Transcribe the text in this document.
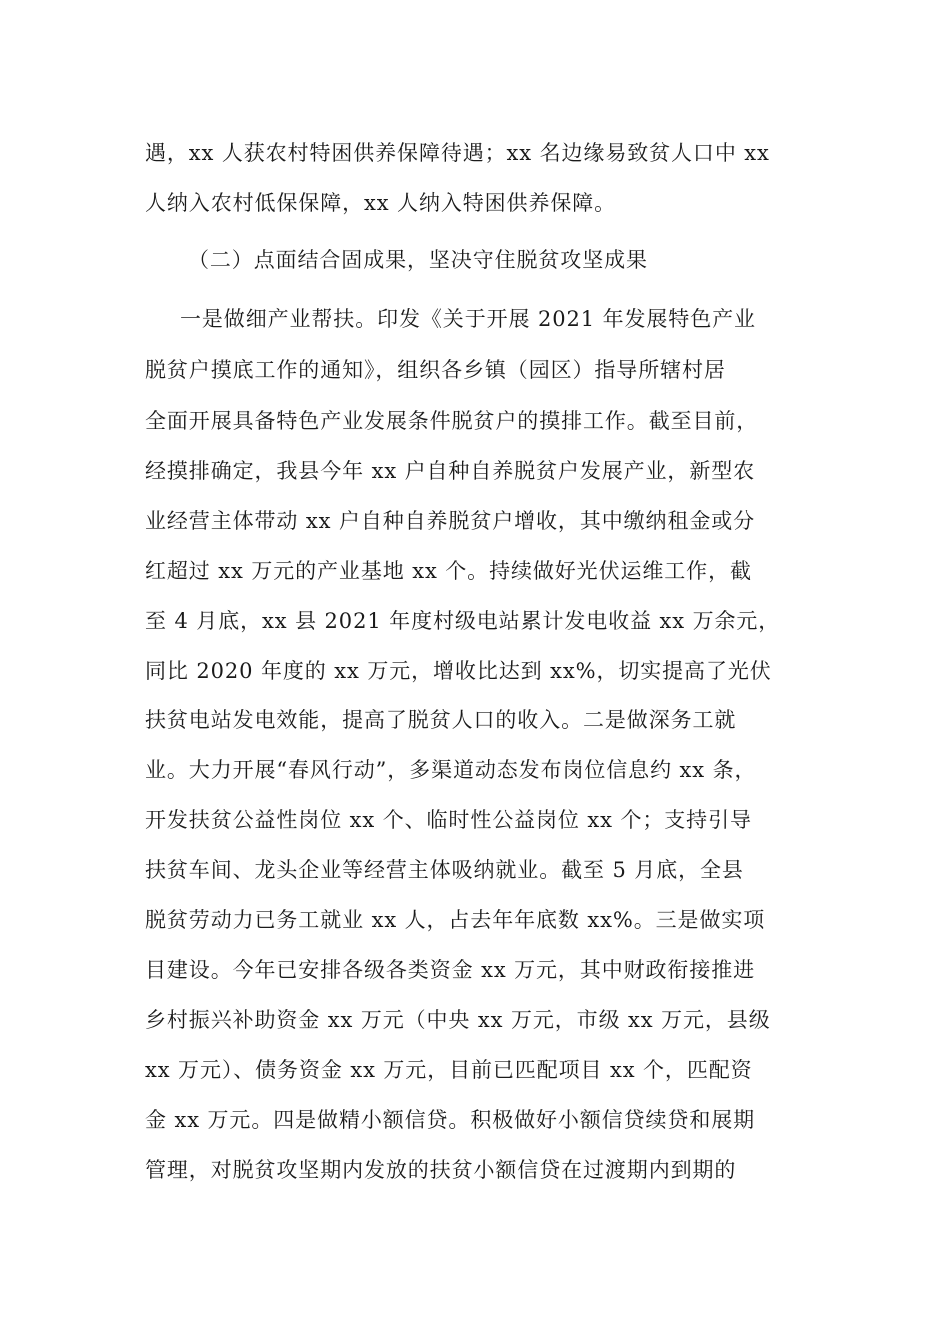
遇，xx 人获农村特困供养保障待遇；xx 名边缘易致贫人口中 xx
人纳入农村低保保障，xx 人纳入特困供养保障。
（二）点面结合固成果，坚决守住脱贫攻坚成果
一是做细产业帮扶。印发《关于开展 2021 年发展特色产业
脱贫户摸底工作的通知》，组织各乡镇（园区）指导所辖村居
全面开展具备特色产业发展条件脱贫户的摸排工作。截至目前，
经摸排确定，我县今年 xx 户自种自养脱贫户发展产业，新型农
业经营主体带动 xx 户自种自养脱贫户增收，其中缴纳租金或分
红超过 xx 万元的产业基地 xx 个。持续做好光伏运维工作，截
至 4 月底，xx 县 2021 年度村级电站累计发电收益 xx 万余元，
同比 2020 年度的 xx 万元，增收比达到 xx%，切实提高了光伏
扶贫电站发电效能，提高了脱贫人口的收入。二是做深务工就
业。大力开展“春风行动”，多渠道动态发布岗位信息约 xx 条，
开发扶贫公益性岗位 xx 个、临时性公益岗位 xx 个；支持引导
扶贫车间、龙头企业等经营主体吸纳就业。截至 5 月底，全县
脱贫劳动力已务工就业 xx 人，占去年年底数 xx%。三是做实项
目建设。今年已安排各级各类资金 xx 万元，其中财政衔接推进
乡村振兴补助资金 xx 万元（中央 xx 万元，市级 xx 万元，县级
xx 万元）、债务资金 xx 万元，目前已匹配项目 xx 个，匹配资
金 xx 万元。四是做精小额信贷。积极做好小额信贷续贷和展期
管理，对脱贫攻坚期内发放的扶贫小额信贷在过渡期内到期的
